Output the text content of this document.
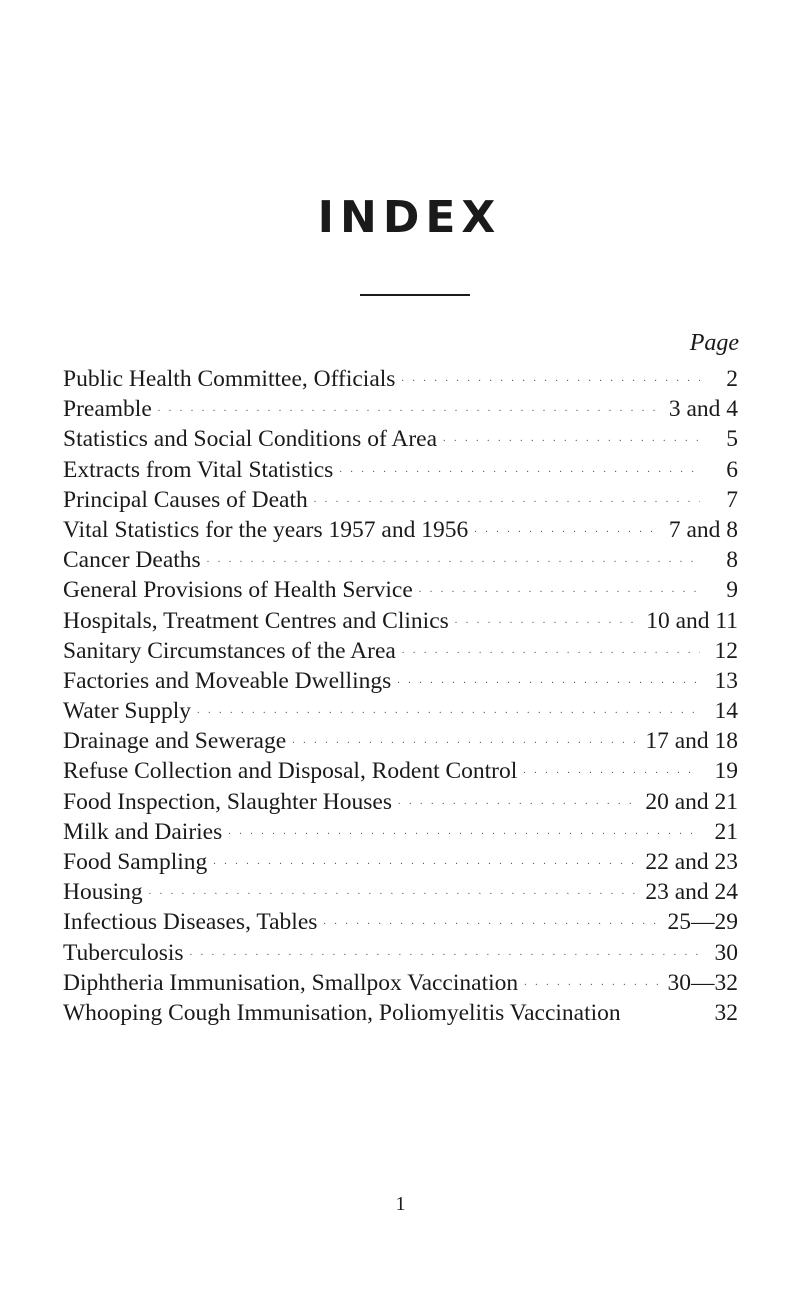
INDEX
Page
Public Health Committee, Officials . . .	2
Preamble . . .	3 and 4
Statistics and Social Conditions of Area . . .	5
Extracts from Vital Statistics . . .	6
Principal Causes of Death . . .	7
Vital Statistics for the years 1957 and 1956 . . .	7 and 8
Cancer Deaths . . .	8
General Provisions of Health Service . . .	9
Hospitals, Treatment Centres and Clinics . . .	10 and 11
Sanitary Circumstances of the Area . . .	12
Factories and Moveable Dwellings . . .	13
Water Supply . . .	14
Drainage and Sewerage . . .	17 and 18
Refuse Collection and Disposal, Rodent Control . . .	19
Food Inspection, Slaughter Houses . . .	20 and 21
Milk and Dairies . . .	21
Food Sampling . . .	22 and 23
Housing . . .	23 and 24
Infectious Diseases, Tables . . .	25—29
Tuberculosis . . .	30
Diphtheria Immunisation, Smallpox Vaccination . . .	30—32
Whooping Cough Immunisation, Poliomyelitis Vaccination	32
1
